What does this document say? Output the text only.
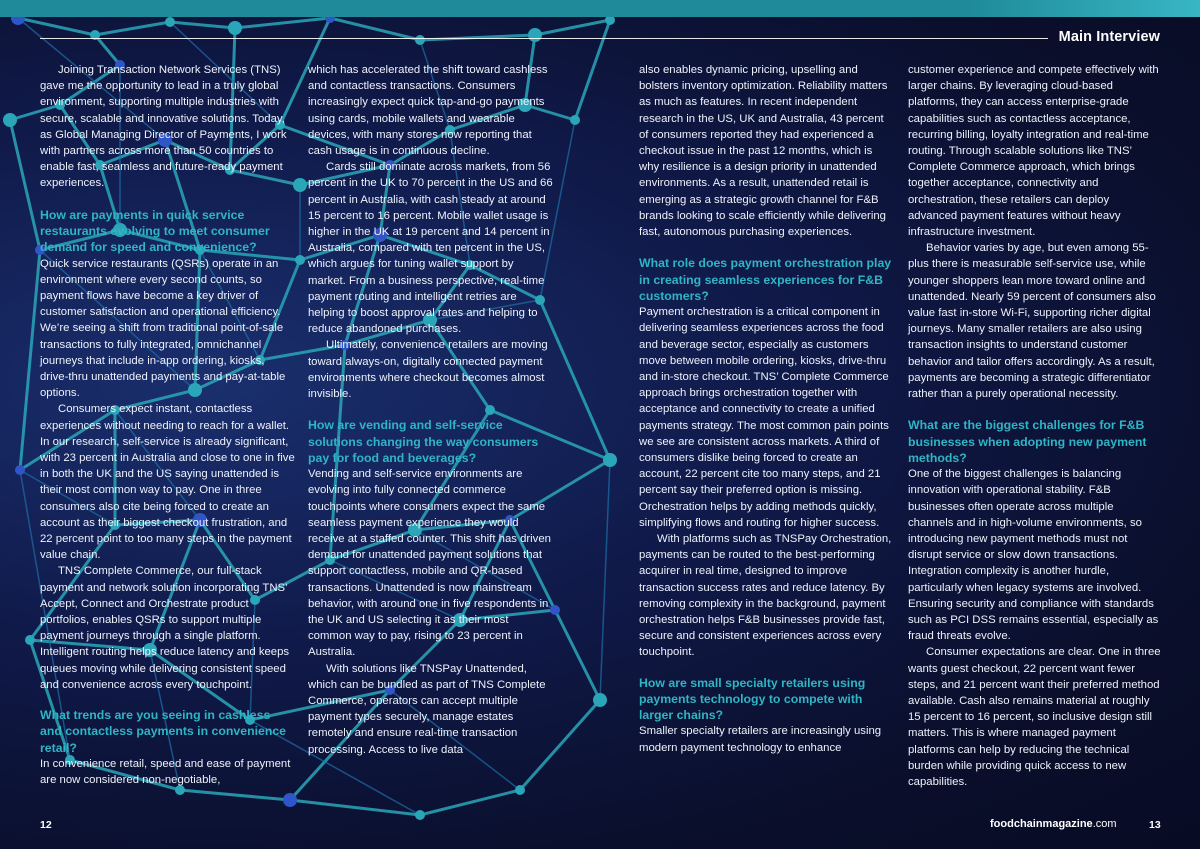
Main Interview

Joining Transaction Network Services (TNS) gave me the opportunity to lead in a truly global environment, supporting multiple industries with secure, scalable and innovative solutions. Today, as Global Managing Director of Payments, I work with partners across more than 50 countries to enable fast, seamless and future-ready payment experiences.

How are payments in quick service restaurants evolving to meet consumer demand for speed and convenience?

Quick service restaurants (QSRs) operate in an environment where every second counts, so payment flows have become a key driver of customer satisfaction and operational efficiency. We’re seeing a shift from traditional point-of-sale transactions to fully integrated, omnichannel journeys that include in-app ordering, kiosks, drive-thru unattended payments and pay-at-table options.

Consumers expect instant, contactless experiences without needing to reach for a wallet. In our research, self-service is already significant, with 23 percent in Australia and close to one in five in both the UK and the US saying unattended is their most common way to pay. One in three consumers also cite being forced to create an account as their biggest checkout frustration, and 22 percent point to too many steps in the payment value chain.

TNS Complete Commerce, our full-stack payment and network solution incorporating TNS’ Accept, Connect and Orchestrate product portfolios, enables QSRs to support multiple payment journeys through a single platform. Intelligent routing helps reduce latency and keeps queues moving while delivering consistent speed and convenience across every touchpoint.

What trends are you seeing in cashless and contactless payments in convenience retail?

In convenience retail, speed and ease of payment are now considered non-negotiable,

which has accelerated the shift toward cashless and contactless transactions. Consumers increasingly expect quick tap-and-go payments using cards, mobile wallets and wearable devices, with many stores now reporting that cash usage is in continuous decline.

Cards still dominate across markets, from 56 percent in the UK to 70 percent in the US and 66 percent in Australia, with cash steady at around 15 percent to 16 percent. Mobile wallet usage is higher in the UK at 19 percent and 14 percent in Australia, compared with ten percent in the US, which argues for tuning wallet support by market. From a business perspective, real-time payment routing and intelligent retries are helping to boost approval rates and helping to reduce abandoned purchases.

Ultimately, convenience retailers are moving toward always-on, digitally connected payment environments where checkout becomes almost invisible.

How are vending and self-service solutions changing the way consumers pay for food and beverages?

Vending and self-service environments are evolving into fully connected commerce touchpoints where consumers expect the same seamless payment experience they would receive at a staffed counter. This shift has driven demand for unattended payment solutions that support contactless, mobile and QR-based transactions. Unattended is now mainstream behavior, with around one in five respondents in the UK and US selecting it as their most common way to pay, rising to 23 percent in Australia.

With solutions like TNSPay Unattended, which can be bundled as part of TNS Complete Commerce, operators can accept multiple payment types securely, manage estates remotely and ensure real-time transaction processing. Access to live data

also enables dynamic pricing, upselling and bolsters inventory optimization. Reliability matters as much as features. In recent independent research in the US, UK and Australia, 43 percent of consumers reported they had experienced a checkout issue in the past 12 months, which is why resilience is a design priority in unattended environments. As a result, unattended retail is emerging as a strategic growth channel for F&B brands looking to scale efficiently while delivering fast, autonomous purchasing experiences.

What role does payment orchestration play in creating seamless experiences for F&B customers?

Payment orchestration is a critical component in delivering seamless experiences across the food and beverage sector, especially as customers move between mobile ordering, kiosks, drive-thru and in-store checkout. TNS’ Complete Commerce approach brings orchestration together with acceptance and connectivity to create a unified payments strategy. The most common pain points we see are consistent across markets. A third of consumers dislike being forced to create an account, 22 percent cite too many steps, and 21 percent say their preferred option is missing. Orchestration helps by adding methods quickly, simplifying flows and routing for higher success.

With platforms such as TNSPay Orchestration, payments can be routed to the best-performing acquirer in real time, designed to improve transaction success rates and reduce latency. By removing complexity in the background, payment orchestration helps F&B businesses provide fast, secure and consistent experiences across every touchpoint.

How are small specialty retailers using payments technology to compete with larger chains?

Smaller specialty retailers are increasingly using modern payment technology to enhance

customer experience and compete effectively with larger chains. By leveraging cloud-based platforms, they can access enterprise-grade capabilities such as contactless acceptance, recurring billing, loyalty integration and real-time routing. Through scalable solutions like TNS’ Complete Commerce approach, which brings together acceptance, connectivity and orchestration, these retailers can deploy advanced payment features without heavy infrastructure investment.

Behavior varies by age, but even among 55-plus there is measurable self-service use, while younger shoppers lean more toward online and unattended. Nearly 59 percent of consumers also value fast in-store Wi-Fi, supporting richer digital journeys. Many smaller retailers are also using transaction insights to understand customer behavior and tailor offers accordingly. As a result, payments are becoming a strategic differentiator rather than a purely operational necessity.

What are the biggest challenges for F&B businesses when adopting new payment methods?

One of the biggest challenges is balancing innovation with operational stability. F&B businesses often operate across multiple channels and in high-volume environments, so introducing new payment methods must not disrupt service or slow down transactions. Integration complexity is another hurdle, particularly when legacy systems are involved. Ensuring security and compliance with standards such as PCI DSS remains essential, especially as fraud threats evolve.

Consumer expectations are clear. One in three wants guest checkout, 22 percent want fewer steps, and 21 percent want their preferred method available. Cash also remains material at roughly 15 percent to 16 percent, so inclusive design still matters. This is where managed payment platforms can help by reducing the technical burden while providing quick access to new capabilities.

12	foodchainmagazine.com	13
